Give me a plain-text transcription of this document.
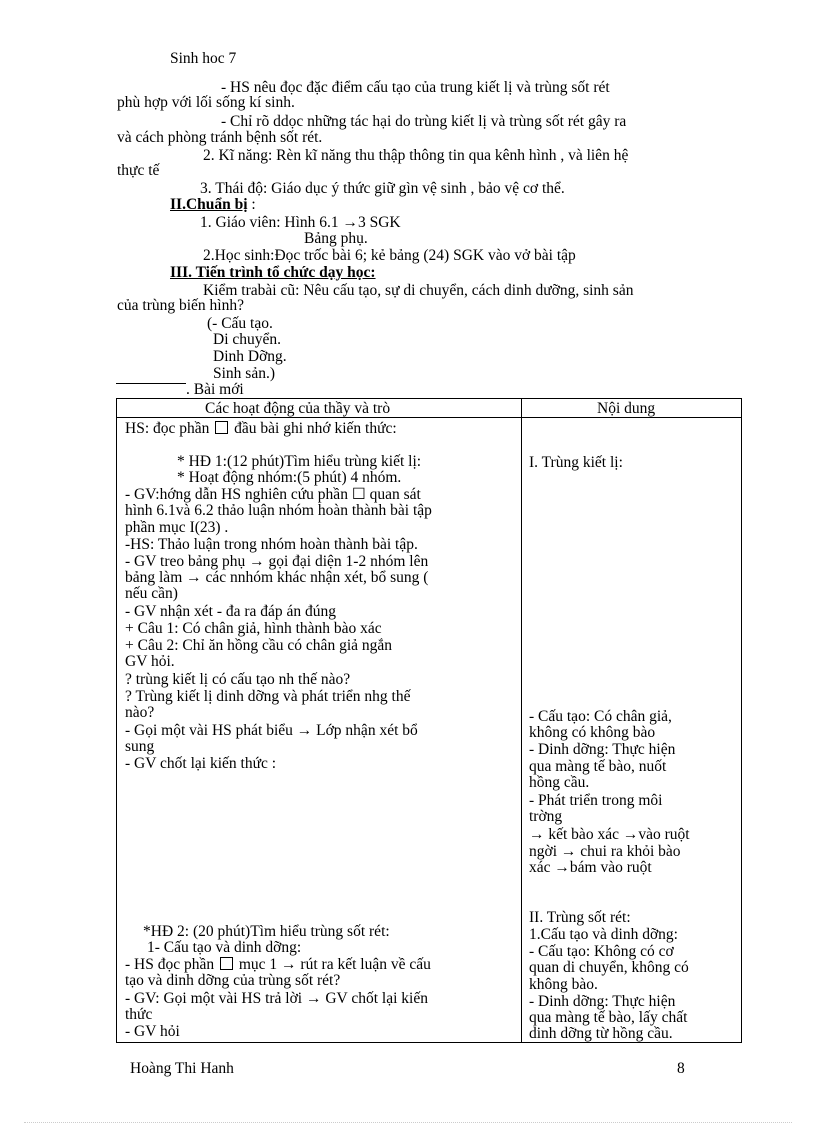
Sinh hoc 7
- HS nêu đọc đặc điểm cấu tạo của trung kiết lị và trùng sốt rét
phù hợp với lối sống kí sinh.
- Chỉ rõ ddọc những tác hại do trùng kiết lị và trùng sốt rét gây ra
và cách phòng tránh bệnh sốt rét.
2. Kĩ năng: Rèn kĩ năng thu thập thông tin qua kênh hình , và liên hệ
thực tế
3. Thái độ: Giáo dục ý thức giữ gìn vệ sinh , bảo vệ cơ thể.
II.Chuẩn bị :
1. Giáo viên: Hình 6.1 →3 SGK
Bảng phụ.
2.Học sinh:Đọc trốc bài 6; kẻ bảng (24) SGK vào vở bài tập
III. Tiến trình tổ chức dạy học:
Kiểm trabài cũ: Nêu cấu tạo, sự di chuyển, cách dinh dưỡng, sinh sản
của trùng biến hình?
(- Cấu tạo.
Di chuyển.
Dinh Dỡng.
Sinh sản.)
. Bài mới
Các hoạt động của thầy và trò	Nội dung
HS: đọc phần  đầu bài ghi nhớ kiến thức:
* HĐ 1:(12 phút)Tìm hiểu trùng kiết lị:
* Hoạt động nhóm:(5 phút) 4 nhóm.
- GV:hớng dẫn HS nghiên cứu phần ☐ quan sát
hình 6.1và 6.2 thảo luận nhóm hoàn thành bài tập
phần mục I(23) .
-HS: Thảo luận trong nhóm hoàn thành bài tập.
- GV treo bảng phụ → gọi đại diện 1-2 nhóm lên
bảng làm → các nnhóm khác nhận xét, bổ sung (
nếu cần)
- GV nhận xét - đa ra đáp án đúng
+ Câu 1: Có chân giả, hình thành bào xác
+ Câu 2: Chỉ ăn hồng cầu có chân giả ngắn
GV hỏi.
? trùng kiết lị có cấu tạo nh thế nào?
? Trùng kiết lị dinh dỡng và phát triển nhg thế
nào?
- Gọi một vài HS phát biểu → Lớp nhận xét bổ
sung
- GV chốt lại kiến thức :
*HĐ 2: (20 phút)Tìm hiểu trùng sốt rét:
1- Cấu tạo và dinh dỡng:
- HS đọc phần  mục 1 → rút ra kết luận về cấu
tạo và dinh dỡng của trùng sốt rét?
- GV: Gọi một vài HS trả lời → GV chốt lại kiến
thức
- GV hỏi
I. Trùng kiết lị:
- Cấu tạo: Có chân giả,
không có không bào
- Dinh dỡng: Thực hiện
qua màng tế bào, nuốt
hồng cầu.
- Phát triển trong môi
trờng
→ kết bào xác →vào ruột
ngời → chui ra khỏi bào
xác →bám vào ruột
II. Trùng sốt rét:
1.Cấu tạo và dinh dỡng:
- Cấu tạo: Không có cơ
quan di chuyển, không có
không bào.
- Dinh dỡng: Thực hiện
qua màng tế bào, lấy chất
dinh dỡng từ hồng cầu.
Hoàng Thi Hanh	8
